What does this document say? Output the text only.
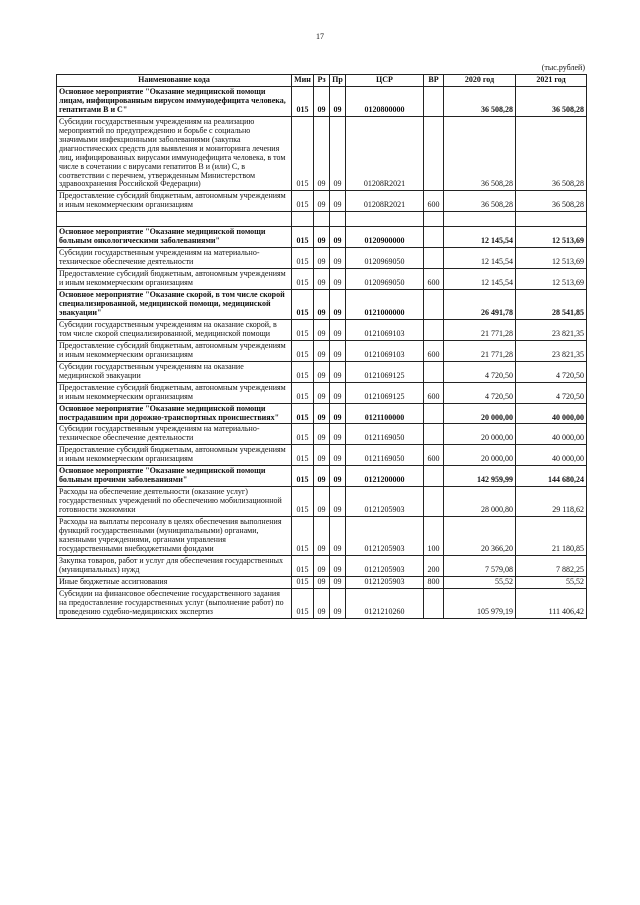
17
(тыс.рублей)
Наименование кода	Мин	Рз	Пр	ЦСР	ВР	2020 год	2021 год
Основное мероприятие "Оказание медицинской помощи лицам, инфицированным вирусом иммунодефицита человека, гепатитами В и С"	015	09	09	0120800000		36 508,28	36 508,28
Субсидии государственным учреждениям на реализацию мероприятий по предупреждению и борьбе с социально значимыми инфекционными заболеваниями (закупка диагностических средств для выявления и мониторинга лечения лиц, инфицированных вирусами иммунодефицита человека, в том числе в сочетании с вирусами гепатитов В и (или) С, в соответствии с перечнем, утвержденным Министерством здравоохранения Российской Федерации)	015	09	09	01208R2021		36 508,28	36 508,28
Предоставление субсидий бюджетным, автономным учреждениям и иным некоммерческим организациям	015	09	09	01208R2021	600	36 508,28	36 508,28

Основное мероприятие "Оказание медицинской помощи больным онкологическими заболеваниями"	015	09	09	0120900000		12 145,54	12 513,69
Субсидии государственным учреждениям на материально-техническое обеспечение деятельности	015	09	09	0120969050		12 145,54	12 513,69
Предоставление субсидий бюджетным, автономным учреждениям и иным некоммерческим организациям	015	09	09	0120969050	600	12 145,54	12 513,69
Основное мероприятие "Оказание скорой, в том числе скорой специализированной, медицинской помощи, медицинской эвакуации"	015	09	09	0121000000		26 491,78	28 541,85
Субсидии государственным учреждениям на оказание скорой, в том числе скорой специализированной, медицинской помощи	015	09	09	0121069103		21 771,28	23 821,35
Предоставление субсидий бюджетным, автономным учреждениям и иным некоммерческим организациям	015	09	09	0121069103	600	21 771,28	23 821,35
Субсидии государственным учреждениям на оказание медицинской эвакуации	015	09	09	0121069125		4 720,50	4 720,50
Предоставление субсидий бюджетным, автономным учреждениям и иным некоммерческим организациям	015	09	09	0121069125	600	4 720,50	4 720,50
Основное мероприятие "Оказание медицинской помощи пострадавшим при дорожно-транспортных происшествиях"	015	09	09	0121100000		20 000,00	40 000,00
Субсидии государственным учреждениям на материально-техническое обеспечение деятельности	015	09	09	0121169050		20 000,00	40 000,00
Предоставление субсидий бюджетным, автономным учреждениям и иным некоммерческим организациям	015	09	09	0121169050	600	20 000,00	40 000,00
Основное мероприятие "Оказание медицинской помощи больным прочими заболеваниями"	015	09	09	0121200000		142 959,99	144 680,24
Расходы на обеспечение деятельности (оказание услуг) государственных учреждений по обеспечению мобилизационной готовности экономики	015	09	09	0121205903		28 000,80	29 118,62
Расходы на выплаты персоналу в целях обеспечения выполнения функций государственными (муниципальными) органами, казенными учреждениями, органами управления государственными внебюджетными фондами	015	09	09	0121205903	100	20 366,20	21 180,85
Закупка товаров, работ и услуг для обеспечения государственных (муниципальных) нужд	015	09	09	0121205903	200	7 579,08	7 882,25
Иные бюджетные ассигнования	015	09	09	0121205903	800	55,52	55,52
Субсидии на финансовое обеспечение государственного задания на предоставление государственных услуг (выполнение работ) по проведению судебно-медицинских экспертиз	015	09	09	0121210260		105 979,19	111 406,42
